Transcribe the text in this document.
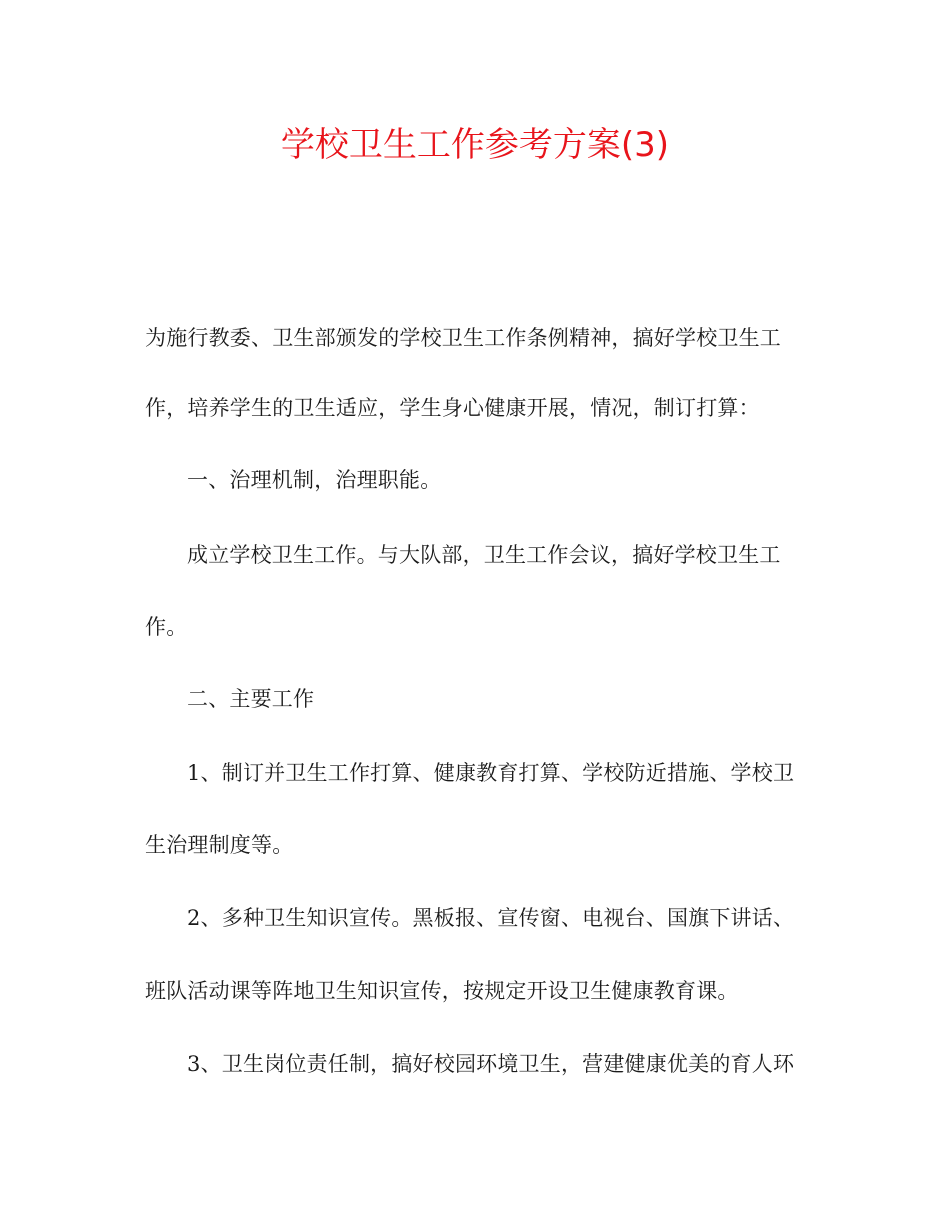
学校卫生工作参考方案(3)
为施行教委、卫生部颁发的学校卫生工作条例精神，搞好学校卫生工
作，培养学生的卫生适应，学生身心健康开展，情况，制订打算：
一、治理机制，治理职能。
成立学校卫生工作。与大队部，卫生工作会议，搞好学校卫生工
作。
二、主要工作
1、制订并卫生工作打算、健康教育打算、学校防近措施、学校卫
生治理制度等。
2、多种卫生知识宣传。黑板报、宣传窗、电视台、国旗下讲话、
班队活动课等阵地卫生知识宣传，按规定开设卫生健康教育课。
3、卫生岗位责任制，搞好校园环境卫生，营建健康优美的育人环
